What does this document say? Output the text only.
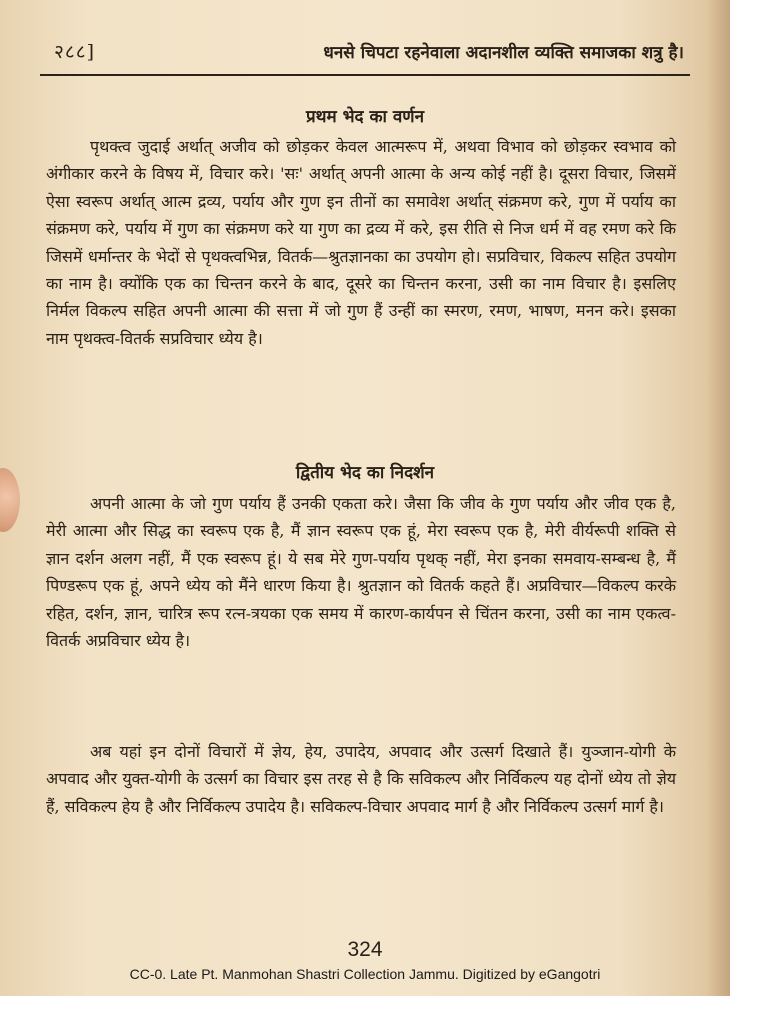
२८८]	धनसे चिपटा रहनेवाला अदानशील व्यक्ति समाजका शत्रु है।
प्रथम भेद का वर्णन

पृथक्त्व जुदाई अर्थात् अजीव को छोड़कर केवल आत्मरूप में, अथवा विभाव को छोड़कर स्वभाव को अंगीकार करने के विषय में, विचार करे। 'सः' अर्थात् अपनी आत्मा के अन्य कोई नहीं है। दूसरा विचार, जिसमें ऐसा स्वरूप अर्थात् आत्म द्रव्य, पर्याय और गुण इन तीनों का समावेश अर्थात् संक्रमण करे, गुण में पर्याय का संक्रमण करे, पर्याय में गुण का संक्रमण करे या गुण का द्रव्य में करे, इस रीति से निज धर्म में वह रमण करे कि जिसमें धर्मान्तर के भेदों से पृथक्त्वभिन्न, वितर्क—श्रुतज्ञानका का उपयोग हो। सप्रविचार, विकल्प सहित उपयोग का नाम है। क्योंकि एक का चिन्तन करने के बाद, दूसरे का चिन्तन करना, उसी का नाम विचार है। इसलिए निर्मल विकल्प सहित अपनी आत्मा की सत्ता में जो गुण हैं उन्हीं का स्मरण, रमण, भाषण, मनन करे। इसका नाम पृथक्त्व-वितर्क सप्रविचार ध्येय है।

द्वितीय भेद का निदर्शन

अपनी आत्मा के जो गुण पर्याय हैं उनकी एकता करे। जैसा कि जीव के गुण पर्याय और जीव एक है, मेरी आत्मा और सिद्ध का स्वरूप एक है, मैं ज्ञान स्वरूप एक हूं, मेरा स्वरूप एक है, मेरी वीर्यरूपी शक्ति से ज्ञान दर्शन अलग नहीं, मैं एक स्वरूप हूं। ये सब मेरे गुण-पर्याय पृथक् नहीं, मेरा इनका समवाय-सम्बन्ध है, मैं पिण्डरूप एक हूं, अपने ध्येय को मैंने धारण किया है। श्रुतज्ञान को वितर्क कहते हैं। अप्रविचार—विकल्प करके रहित, दर्शन, ज्ञान, चारित्र रूप रत्न-त्रयका एक समय में कारण-कार्यपन से चिंतन करना, उसी का नाम एकत्व-वितर्क अप्रविचार ध्येय है।

अब यहां इन दोनों विचारों में ज्ञेय, हेय, उपादेय, अपवाद और उत्सर्ग दिखाते हैं। युञ्जान-योगी के अपवाद और युक्त-योगी के उत्सर्ग का विचार इस तरह से है कि सविकल्प और निर्विकल्प यह दोनों ध्येय तो ज्ञेय हैं, सविकल्प हेय है और निर्विकल्प उपादेय है। सविकल्प-विचार अपवाद मार्ग है और निर्विकल्प उत्सर्ग मार्ग है।

324
CC-0. Late Pt. Manmohan Shastri Collection Jammu. Digitized by eGangotri
